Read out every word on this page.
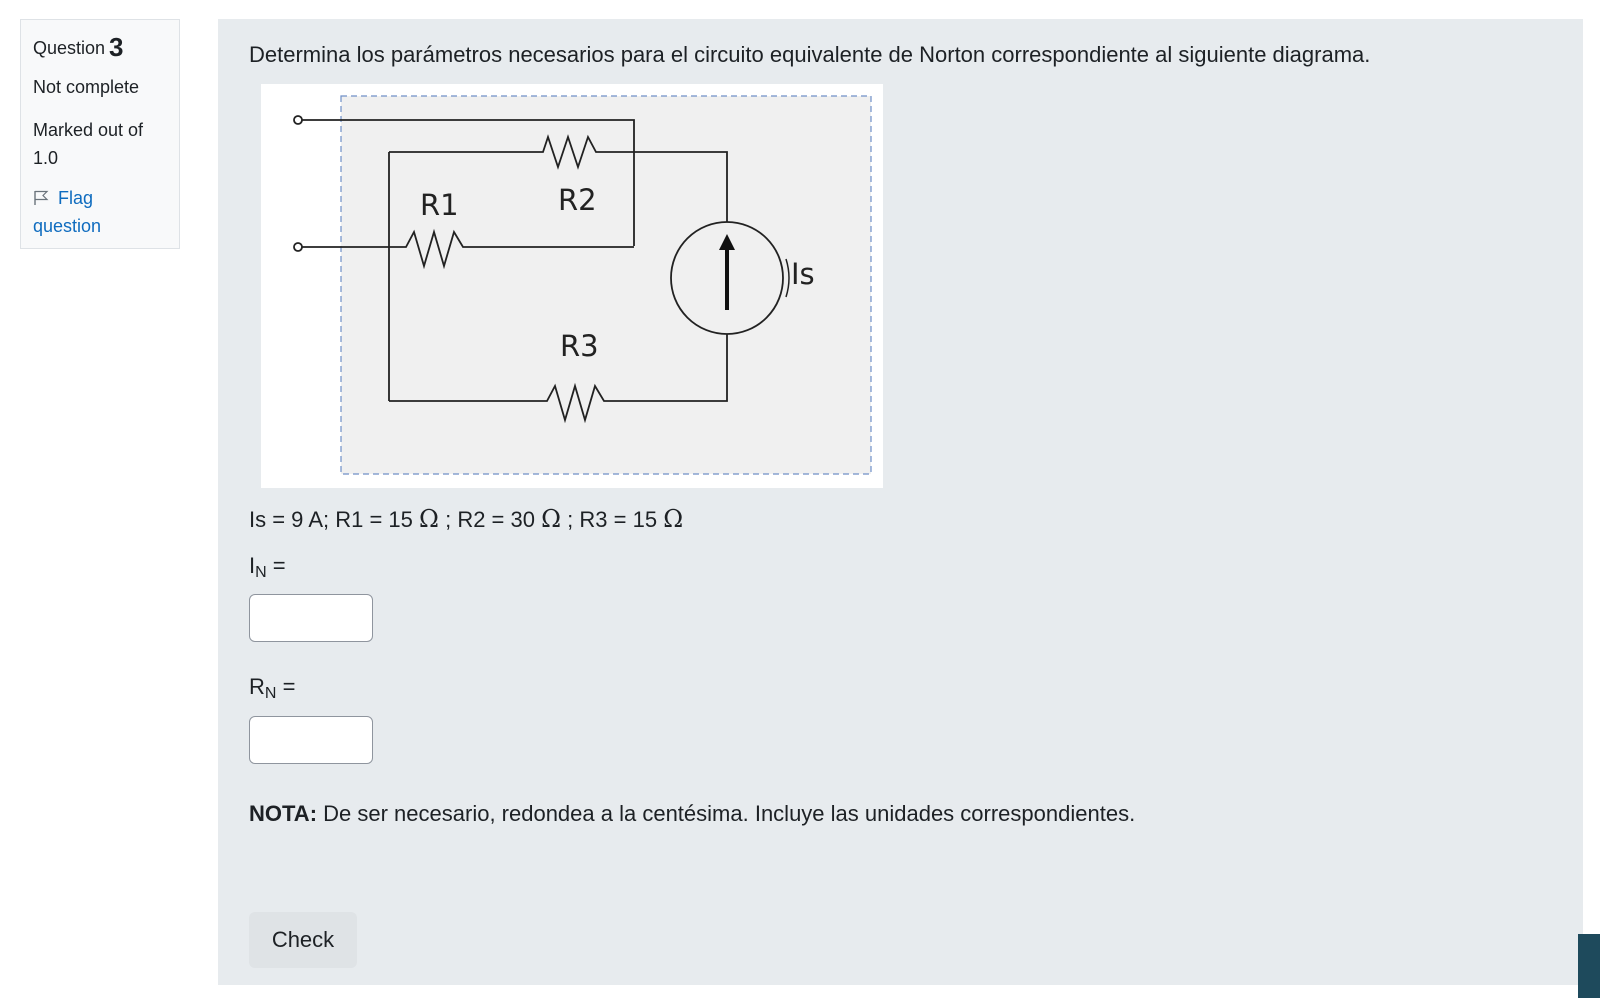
Question 3
Not complete
Marked out of
1.0
Flag
question
Determina los parámetros necesarios para el circuito equivalente de Norton correspondiente al siguiente diagrama.
R1	R2
R3
Is
Is = 9 A; R1 = 15 Ω ; R2 = 30 Ω ; R3 = 15 Ω
$I_N$ =
$R_N$ =
NOTA: De ser necesario, redondea a la centésima. Incluye las unidades correspondientes.
Check
